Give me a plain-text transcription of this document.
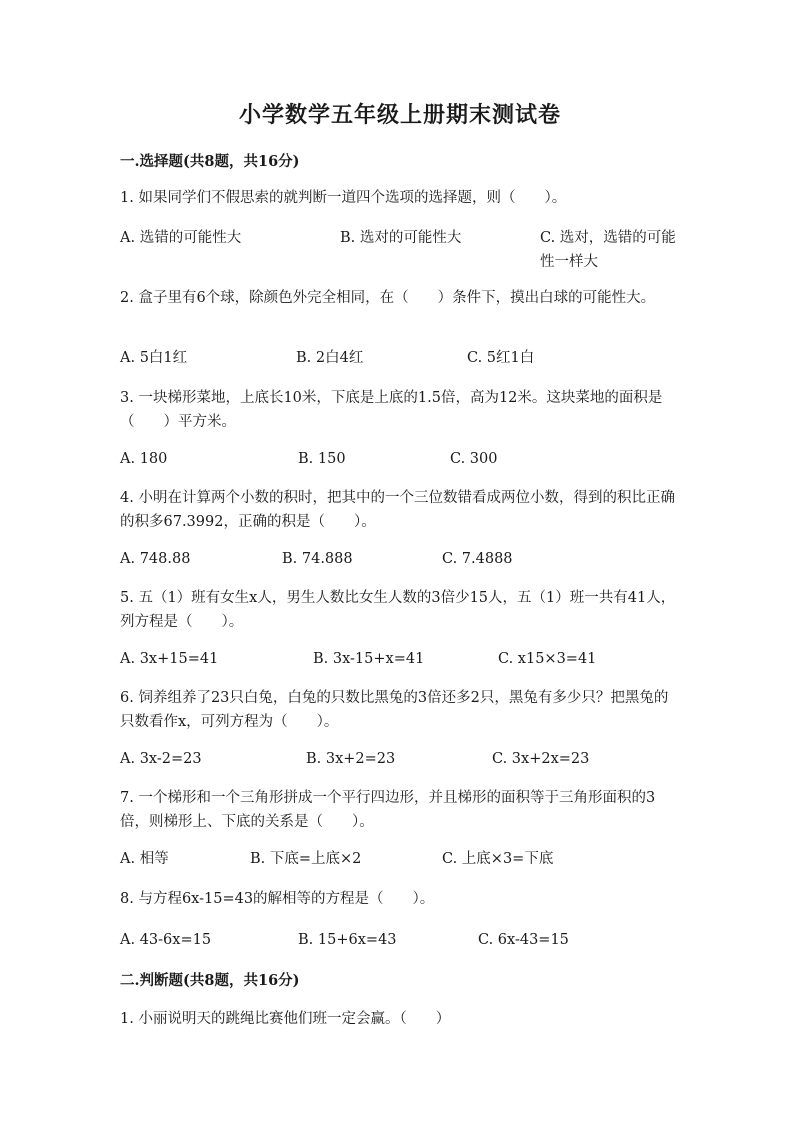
小学数学五年级上册期末测试卷
一.选择题(共8题，共16分)
1. 如果同学们不假思索的就判断一道四个选项的选择题，则（　　）。
A. 选错的可能性大	B. 选对的可能性大	C. 选对，选错的可能性一样大
2. 盒子里有6个球，除颜色外完全相同，在（　　）条件下，摸出白球的可能性大。
A. 5白1红	B. 2白4红	C. 5红1白
3. 一块梯形菜地，上底长10米，下底是上底的1.5倍，高为12米。这块菜地的面积是（　　）平方米。
A. 180	B. 150	C. 300
4. 小明在计算两个小数的积时，把其中的一个三位数错看成两位小数，得到的积比正确的积多67.3992，正确的积是（　　）。
A. 748.88	B. 74.888	C. 7.4888
5. 五（1）班有女生x人，男生人数比女生人数的3倍少15人，五（1）班一共有41人，列方程是（　　）。
A. 3x+15=41	B. 3x-15+x=41	C. x15×3=41
6. 饲养组养了23只白兔，白兔的只数比黑兔的3倍还多2只，黑兔有多少只？把黑兔的只数看作x，可列方程为（　　）。
A. 3x-2=23	B. 3x+2=23	C. 3x+2x=23
7. 一个梯形和一个三角形拼成一个平行四边形，并且梯形的面积等于三角形面积的3倍，则梯形上、下底的关系是（　　）。
A. 相等	B. 下底=上底×2	C. 上底×3=下底
8. 与方程6x-15=43的解相等的方程是（　　）。
A. 43-6x=15	B. 15+6x=43	C. 6x-43=15
二.判断题(共8题，共16分)
1. 小丽说明天的跳绳比赛他们班一定会赢。（　　）
